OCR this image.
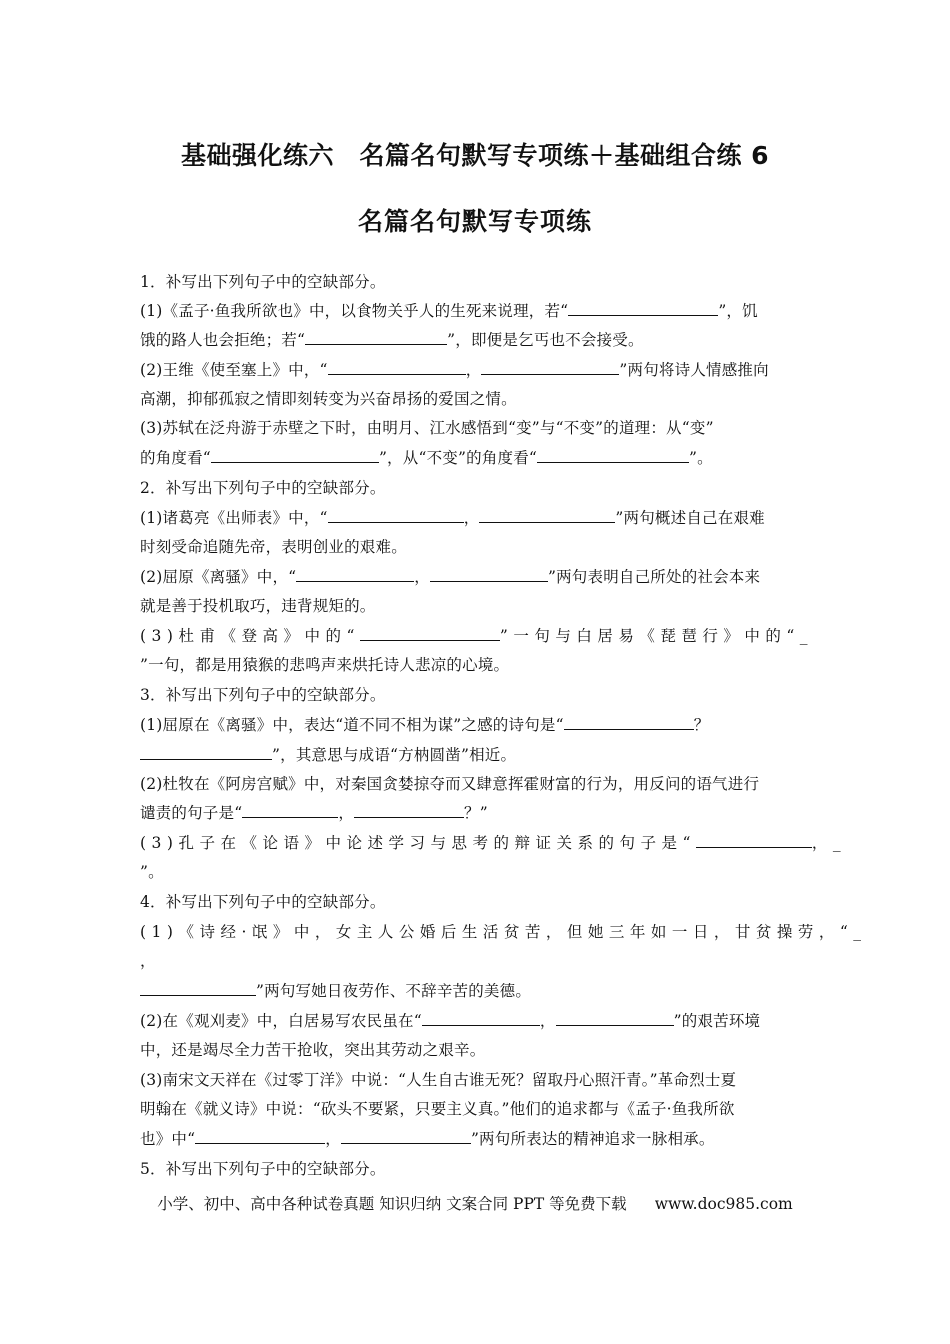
基础强化练六　名篇名句默写专项练＋基础组合练 6
名篇名句默写专项练
1．补写出下列句子中的空缺部分。
(1)《孟子·鱼我所欲也》中，以食物关乎人的生死来说理，若“	”，饥
饿的路人也会拒绝；若“	”，即便是乞丐也不会接受。
(2)王维《使至塞上》中，“	，	”两句将诗人情感推向
高潮，抑郁孤寂之情即刻转变为兴奋昂扬的爱国之情。
(3)苏轼在泛舟游于赤壁之下时，由明月、江水感悟到“变”与“不变”的道理：从“变”
的角度看“	”，从“不变”的角度看“	”。
2．补写出下列句子中的空缺部分。
(1)诸葛亮《出师表》中，“	，	”两句概述自己在艰难
时刻受命追随先帝，表明创业的艰难。
(2)屈原《离骚》中，“	，	”两句表明自己所处的社会本来
就是善于投机取巧，违背规矩的。
(3)杜甫《登高》中的“	”一句与白居易《琵琶行》中的“_
”一句，都是用猿猴的悲鸣声来烘托诗人悲凉的心境。
3．补写出下列句子中的空缺部分。
(1)屈原在《离骚》中，表达“道不同不相为谋”之感的诗句是“	？
”，其意思与成语“方枘圆凿”相近。
(2)杜牧在《阿房宫赋》中，对秦国贪婪掠夺而又肆意挥霍财富的行为，用反问的语气进行
谴责的句子是“	，	？”
(3)孔子在《论语》中论述学习与思考的辩证关系的句子是“	，_
”。
4．补写出下列句子中的空缺部分。
(1)《诗经·氓》中，女主人公婚后生活贫苦，但她三年如一日，甘贫操劳，“_
，
”两句写她日夜劳作、不辞辛苦的美德。
(2)在《观刈麦》中，白居易写农民虽在“	，	”的艰苦环境
中，还是竭尽全力苦干抢收，突出其劳动之艰辛。
(3)南宋文天祥在《过零丁洋》中说：“人生自古谁无死？留取丹心照汗青。”革命烈士夏
明翰在《就义诗》中说：“砍头不要紧，只要主义真。”他们的追求都与《孟子·鱼我所欲
也》中“	，	”两句所表达的精神追求一脉相承。
5．补写出下列句子中的空缺部分。
小学、初中、高中各种试卷真题 知识归纳 文案合同 PPT 等免费下载 www.doc985.com
